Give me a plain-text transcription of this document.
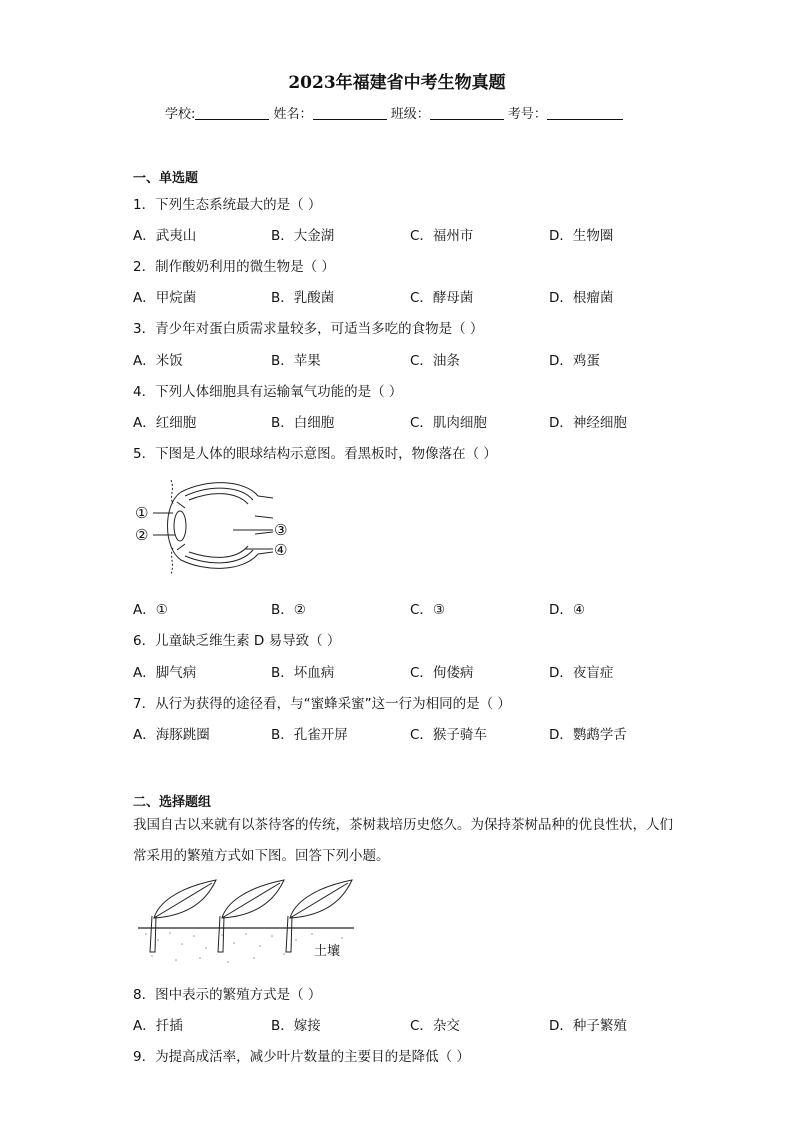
2023年福建省中考生物真题
学校:	姓名：	班级：	考号：
一、单选题
1．下列生态系统最大的是（ ）
A．武夷山	B．大金湖	C．福州市	D．生物圈
2．制作酸奶利用的微生物是（ ）
A．甲烷菌	B．乳酸菌	C．酵母菌	D．根瘤菌
3．青少年对蛋白质需求量较多，可适当多吃的食物是（ ）
A．米饭	B．苹果	C．油条	D．鸡蛋
4．下列人体细胞具有运输氧气功能的是（ ）
A．红细胞	B．白细胞	C．肌肉细胞	D．神经细胞
5．下图是人体的眼球结构示意图。看黑板时，物像落在（ ）
①
②	③
④
A．①	B．②	C．③	D．④
6．儿童缺乏维生素 D 易导致（ ）
A．脚气病	B．坏血病	C．佝偻病	D．夜盲症
7．从行为获得的途径看，与“蜜蜂采蜜”这一行为相同的是（ ）
A．海豚跳圈	B．孔雀开屏	C．猴子骑车	D．鹦鹉学舌
二、选择题组
我国自古以来就有以茶待客的传统，茶树栽培历史悠久。为保持茶树品种的优良性状，人们常采用的繁殖方式如下图。回答下列小题。
土壤
8．图中表示的繁殖方式是（ ）
A．扦插	B．嫁接	C．杂交	D．种子繁殖
9．为提高成活率，减少叶片数量的主要目的是降低（ ）
